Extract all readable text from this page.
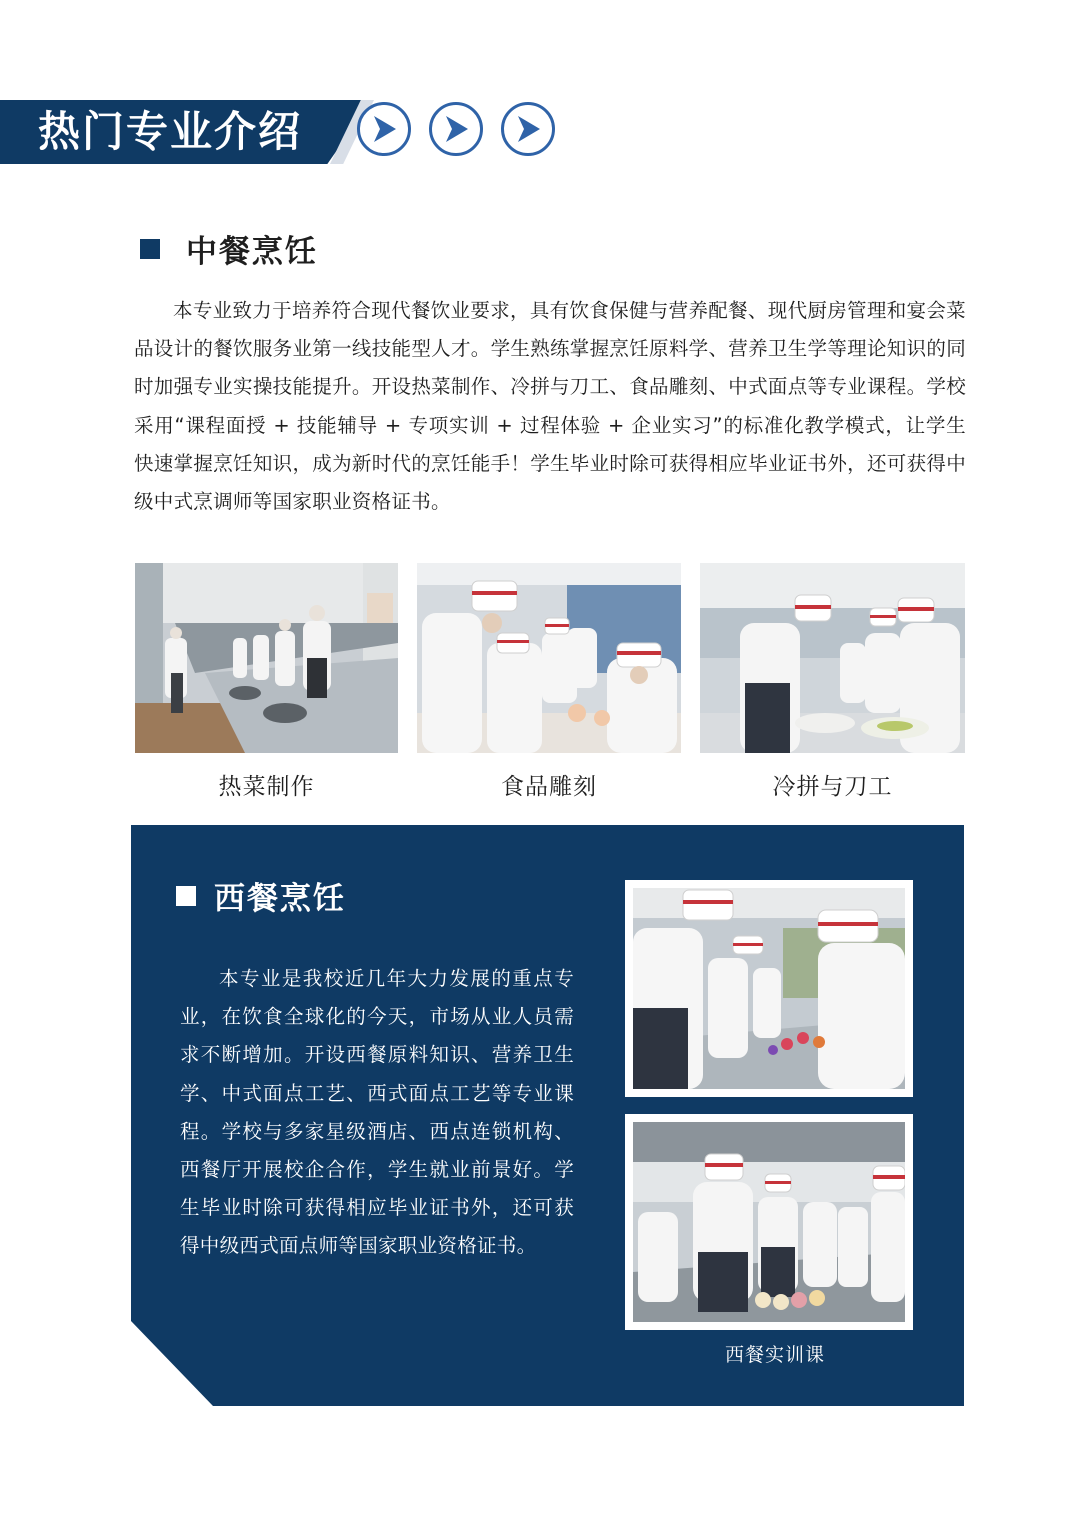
热门专业介绍
中餐烹饪

本专业致力于培养符合现代餐饮业要求，具有饮食保健与营养配餐、现代厨房管理和宴会菜品设计的餐饮服务业第一线技能型人才。学生熟练掌握烹饪原料学、营养卫生学等理论知识的同时加强专业实操技能提升。开设热菜制作、冷拼与刀工、食品雕刻、中式面点等专业课程。学校采用“课程面授 + 技能辅导 + 专项实训 + 过程体验 + 企业实习”的标准化教学模式，让学生快速掌握烹饪知识，成为新时代的烹饪能手！学生毕业时除可获得相应毕业证书外，还可获得中级中式烹调师等国家职业资格证书。

热菜制作	食品雕刻	冷拼与刀工
西餐烹饪

本专业是我校近几年大力发展的重点专业，在饮食全球化的今天，市场从业人员需求不断增加。开设西餐原料知识、营养卫生学、中式面点工艺、西式面点工艺等专业课程。学校与多家星级酒店、西点连锁机构、西餐厅开展校企合作，学生就业前景好。学生毕业时除可获得相应毕业证书外，还可获得中级西式面点师等国家职业资格证书。

西餐实训课
